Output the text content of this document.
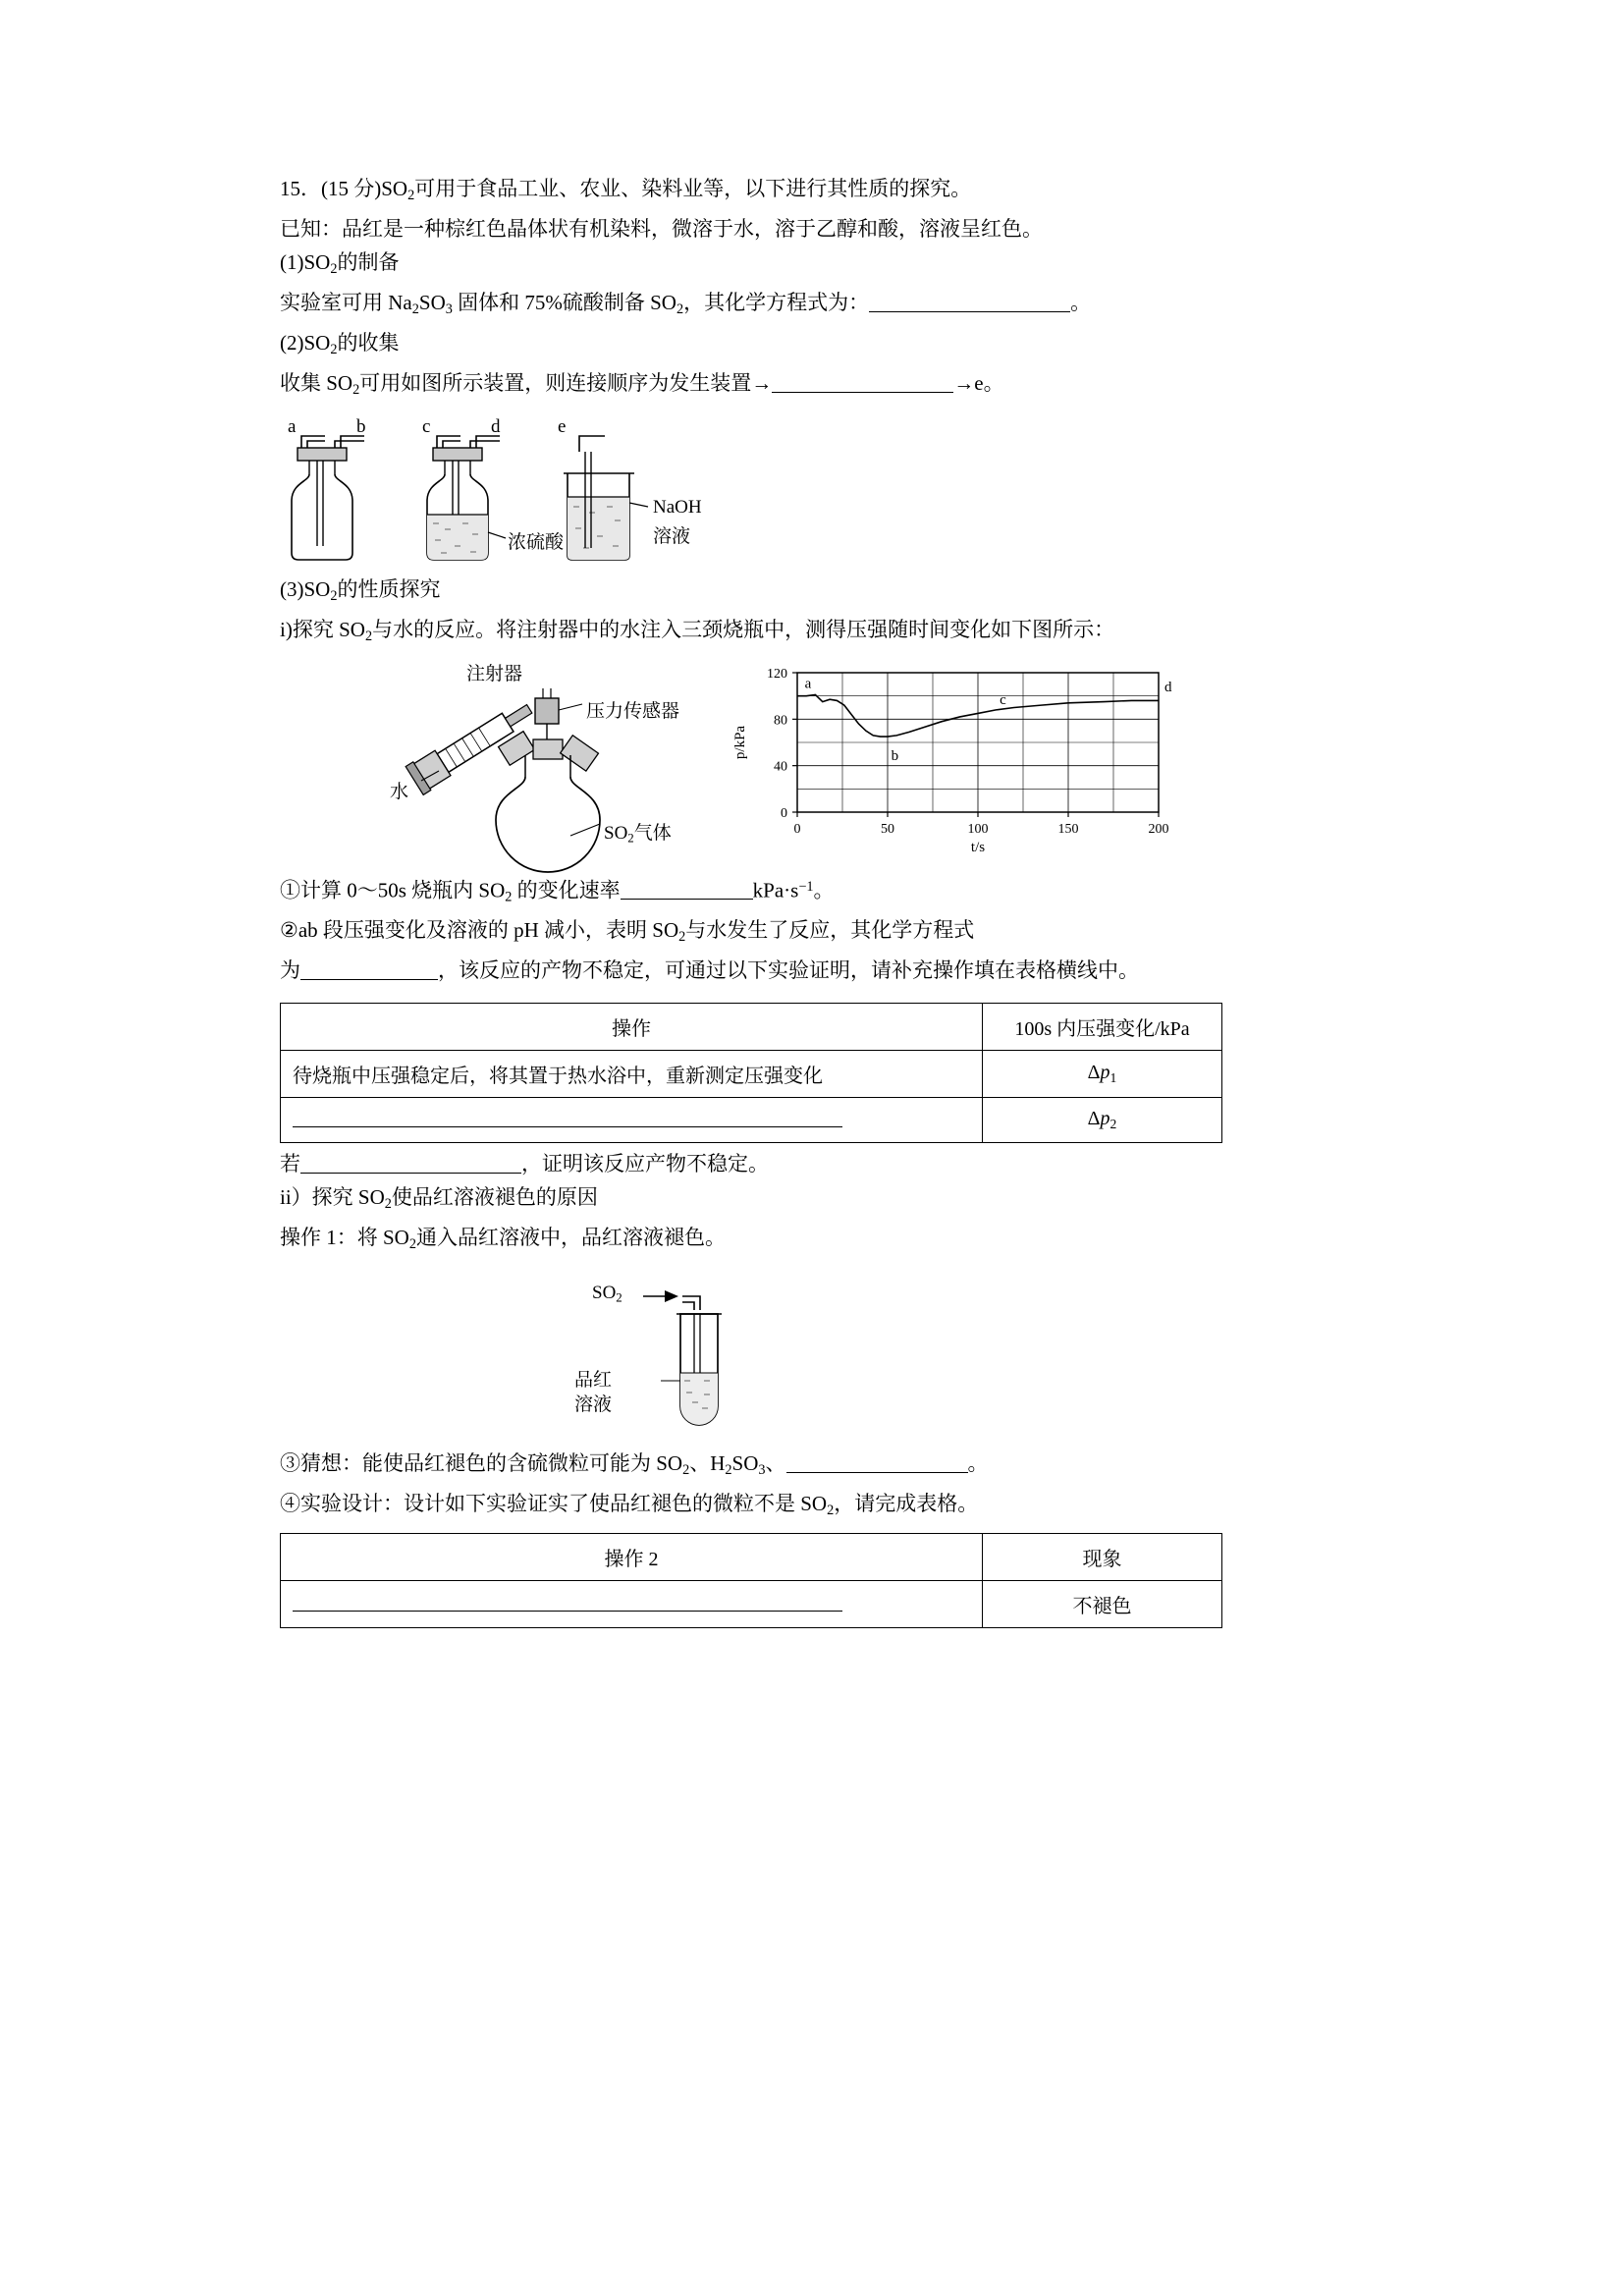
15．(15 分)$SO_2$可用于食品工业、农业、染料业等，以下进行其性质的探究。
已知：品红是一种棕红色晶体状有机染料，微溶于水，溶于乙醇和酸，溶液呈红色。
$(1)SO_2$的制备
实验室可用 $Na_2SO_3$ 固体和 75%硫酸制备 $SO_2$，其化学方程式为：	。
$(2)SO_2$的收集
收集 $SO_2$可用如图所示装置，则连接顺序为发生装置→	→e。
a	b	c	d	e
浓硫酸
NaOH
溶液
$(3)SO_2$的性质探究
i)探究 $SO_2$与水的反应。将注射器中的水注入三颈烧瓶中，测得压强随时间变化如下图所示：
注射器
压力传感器
水
$SO_2$气体	0	50	100	150	200
0
40
80
120
t/s
p/kPa
a
b
c
d
①计算 0～50s 烧瓶内 $SO_2$ 的变化速率	$kPa\cdot s^{-1}$。
②ab 段压强变化及溶液的 pH 减小，表明 $SO_2$与水发生了反应，其化学方程式
为	，该反应的产物不稳定，可通过以下实验证明，请补充操作填在表格横线中。
操作	100s 内压强变化/kPa
待烧瓶中压强稳定后，将其置于热水浴中，重新测定压强变化	$\Delta p_1$
	$\Delta p_2$
若	，证明该反应产物不稳定。
ii）探究 $SO_2$使品红溶液褪色的原因
操作 1：将 $SO_2$通入品红溶液中，品红溶液褪色。
$SO_2$
品红
溶液
③猜想：能使品红褪色的含硫微粒可能为 $SO_2$、$H_2SO_3$、	。
④实验设计：设计如下实验证实了使品红褪色的微粒不是 $SO_2$，请完成表格。
操作 2	现象
	不褪色
